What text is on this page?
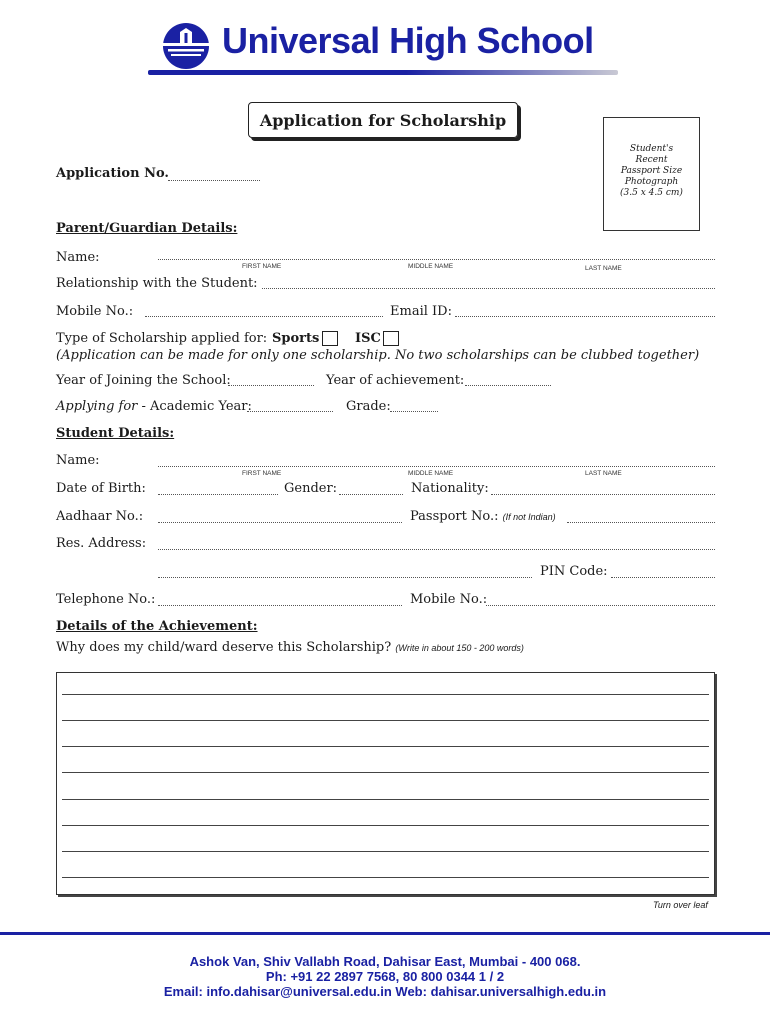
Universal High School
Application for Scholarship
Student's
Recent
Passport Size
Photograph
(3.5 x 4.5 cm)
Application No.
Parent/Guardian Details:
Name:
FIRST NAME	MIDDLE NAME	LAST NAME
Relationship with the Student:
Mobile No.:	Email ID:
Type of Scholarship applied for: Sports	ISC
(Application can be made for only one scholarship. No two scholarships can be clubbed together)
Year of Joining the School:	Year of achievement:
Applying for - Academic Year:	Grade:
Student Details:
Name:
FIRST NAME	MIDDLE NAME	LAST NAME
Date of Birth:	Gender:	Nationality:
Aadhaar No.:	Passport No.: (If not Indian)
Res. Address:
PIN Code:
Telephone No.:	Mobile No.:
Details of the Achievement:
Why does my child/ward deserve this Scholarship? (Write in about 150 - 200 words)
Turn over leaf
Ashok Van, Shiv Vallabh Road, Dahisar East, Mumbai - 400 068.
Ph: +91 22 2897 7568, 80 800 0344 1 / 2
Email: info.dahisar@universal.edu.in Web: dahisar.universalhigh.edu.in
